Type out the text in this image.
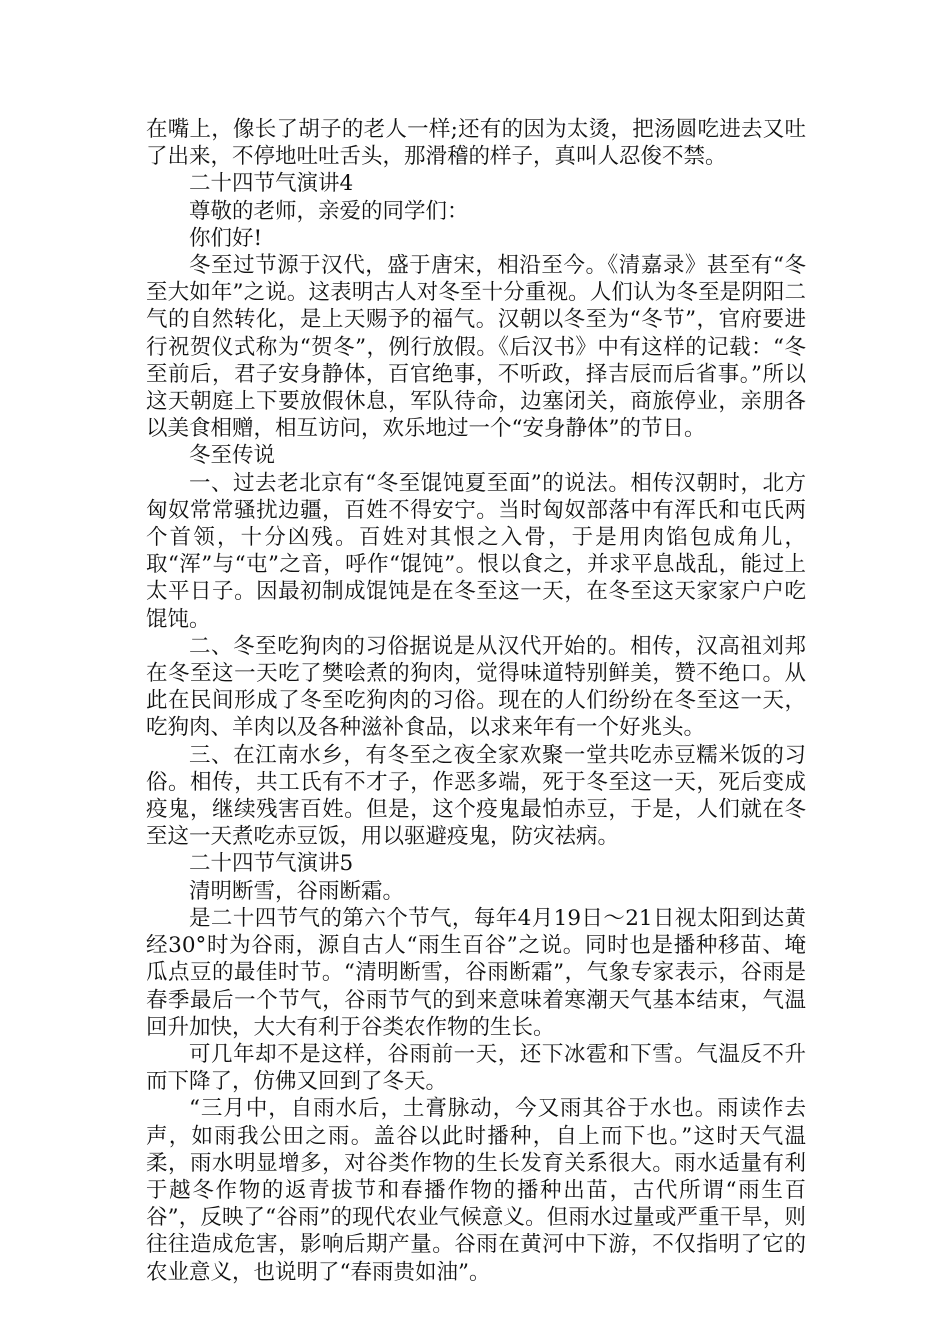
在嘴上，像长了胡子的老人一样;还有的因为太烫，把汤圆吃进去又吐了出来，不停地吐吐舌头，那滑稽的样子，真叫人忍俊不禁。

二十四节气演讲4

尊敬的老师，亲爱的同学们：

你们好!

冬至过节源于汉代，盛于唐宋，相沿至今。《清嘉录》甚至有“冬至大如年”之说。这表明古人对冬至十分重视。人们认为冬至是阴阳二气的自然转化，是上天赐予的福气。汉朝以冬至为“冬节”，官府要进行祝贺仪式称为“贺冬”，例行放假。《后汉书》中有这样的记载：“冬至前后，君子安身静体，百官绝事，不听政，择吉辰而后省事。”所以这天朝庭上下要放假休息，军队待命，边塞闭关，商旅停业，亲朋各以美食相赠，相互访问，欢乐地过一个“安身静体”的节日。

冬至传说

一、过去老北京有“冬至馄饨夏至面”的说法。相传汉朝时，北方匈奴常常骚扰边疆，百姓不得安宁。当时匈奴部落中有浑氏和屯氏两个首领，十分凶残。百姓对其恨之入骨，于是用肉馅包成角儿，取“浑”与“屯”之音，呼作“馄饨”。恨以食之，并求平息战乱，能过上太平日子。因最初制成馄饨是在冬至这一天，在冬至这天家家户户吃馄饨。

二、冬至吃狗肉的习俗据说是从汉代开始的。相传，汉高祖刘邦在冬至这一天吃了樊哙煮的狗肉，觉得味道特别鲜美，赞不绝口。从此在民间形成了冬至吃狗肉的习俗。现在的人们纷纷在冬至这一天，吃狗肉、羊肉以及各种滋补食品，以求来年有一个好兆头。

三、在江南水乡，有冬至之夜全家欢聚一堂共吃赤豆糯米饭的习俗。相传，共工氏有不才子，作恶多端，死于冬至这一天，死后变成疫鬼，继续残害百姓。但是，这个疫鬼最怕赤豆，于是，人们就在冬至这一天煮吃赤豆饭，用以驱避疫鬼，防灾祛病。

二十四节气演讲5

清明断雪，谷雨断霜。

是二十四节气的第六个节气，每年4月19日～21日视太阳到达黄经30°时为谷雨，源自古人“雨生百谷”之说。同时也是播种移苗、埯瓜点豆的最佳时节。“清明断雪，谷雨断霜”，气象专家表示，谷雨是春季最后一个节气，谷雨节气的到来意味着寒潮天气基本结束，气温回升加快，大大有利于谷类农作物的生长。

可几年却不是这样，谷雨前一天，还下冰雹和下雪。气温反不升而下降了，仿佛又回到了冬天。

“三月中，自雨水后，土膏脉动，今又雨其谷于水也。雨读作去声，如雨我公田之雨。盖谷以此时播种，自上而下也。”这时天气温柔，雨水明显增多，对谷类作物的生长发育关系很大。雨水适量有利于越冬作物的返青拔节和春播作物的播种出苗，古代所谓“雨生百谷”，反映了“谷雨”的现代农业气候意义。但雨水过量或严重干旱，则往往造成危害，影响后期产量。谷雨在黄河中下游，不仅指明了它的农业意义，也说明了“春雨贵如油”。
